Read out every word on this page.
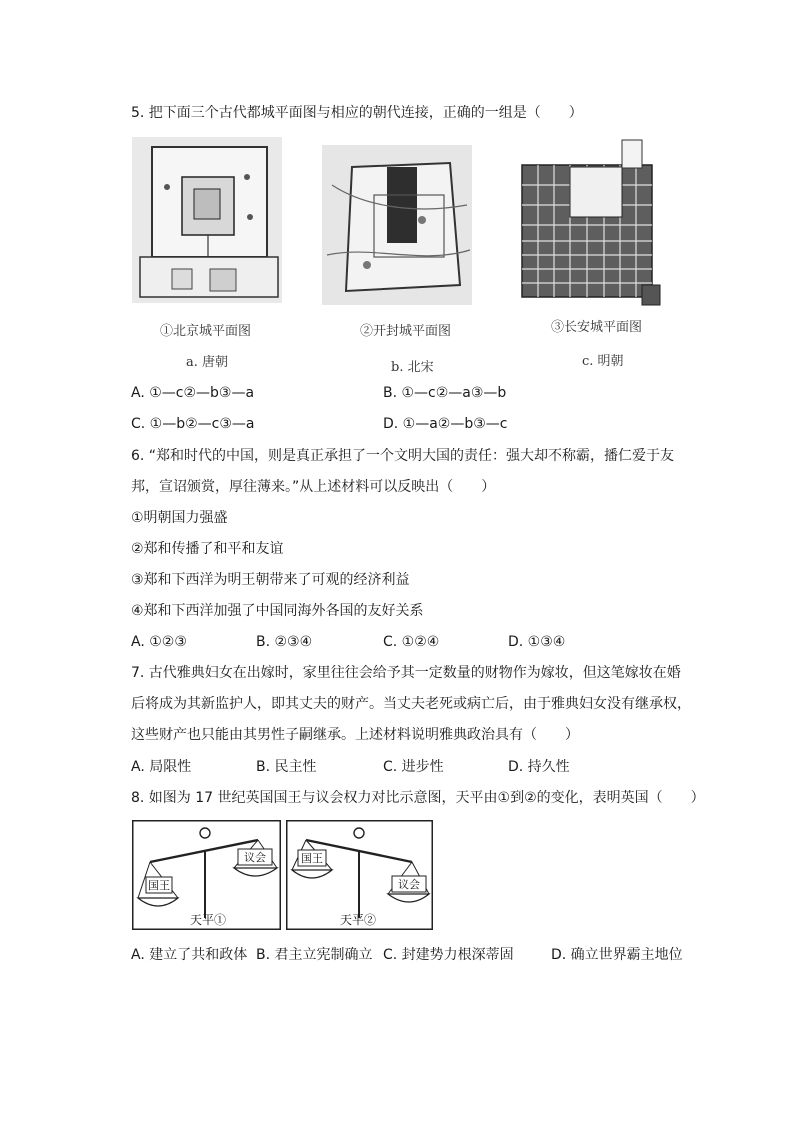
5. 把下面三个古代都城平面图与相应的朝代连接，正确的一组是（　　）
①北京城平面图
a. 唐朝
②开封城平面图
b. 北宋
③长安城平面图
c. 明朝
A. ①—c②—b③—a	B. ①—c②—a③—b
C. ①—b②—c③—a	D. ①—a②—b③—c
6. “郑和时代的中国，则是真正承担了一个文明大国的责任：强大却不称霸，播仁爱于友
邦，宣诏颁赏，厚往薄来。”从上述材料可以反映出（　　）
①明朝国力强盛
②郑和传播了和平和友谊
③郑和下西洋为明王朝带来了可观的经济利益
④郑和下西洋加强了中国同海外各国的友好关系
A. ①②③	B. ②③④	C. ①②④	D. ①③④
7. 古代雅典妇女在出嫁时，家里往往会给予其一定数量的财物作为嫁妆，但这笔嫁妆在婚
后将成为其新监护人，即其丈夫的财产。当丈夫老死或病亡后，由于雅典妇女没有继承权，
这些财产也只能由其男性子嗣继承。上述材料说明雅典政治具有（　　）
A. 局限性	B. 民主性	C. 进步性	D. 持久性
8. 如图为 17 世纪英国国王与议会权力对比示意图，天平由①到②的变化，表明英国（　　）
国王
议会
天平①
国王
议会
天平②
A. 建立了共和政体 B. 君主立宪制确立 C. 封建势力根深蒂固	D. 确立世界霸主地位
